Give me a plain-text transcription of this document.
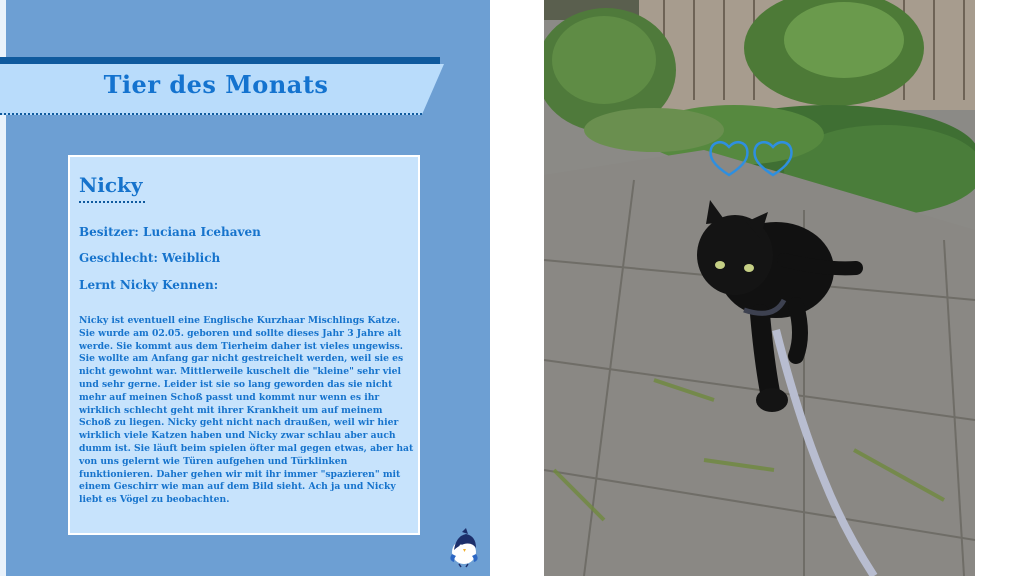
Tier des Monats
Nicky
Besitzer: Luciana Icehaven
Geschlecht: Weiblich
Lernt Nicky Kennen:
Nicky ist eventuell eine Englische Kurzhaar Mischlings Katze. Sie wurde am 02.05. geboren und sollte dieses Jahr 3 Jahre alt werde. Sie kommt aus dem Tierheim daher ist vieles ungewiss. Sie wollte am Anfang gar nicht gestreichelt werden, weil sie es nicht gewohnt war. Mittlerweile kuschelt die "kleine" sehr viel und sehr gerne. Leider ist sie so lang geworden das sie nicht mehr auf meinen Schoß passt und kommt nur wenn es ihr wirklich schlecht geht mit ihrer Krankheit um auf meinem Schoß zu liegen. Nicky geht nicht nach draußen, weil wir hier wirklich viele Katzen haben und Nicky zwar schlau aber auch dumm ist. Sie läuft beim spielen öfter mal gegen etwas, aber hat von uns gelernt wie Türen aufgehen und Türklinken funktionieren. Daher gehen wir mit ihr immer "spazieren" mit einem Geschirr wie man auf dem Bild sieht. Ach ja und Nicky liebt es Vögel zu beobachten.
